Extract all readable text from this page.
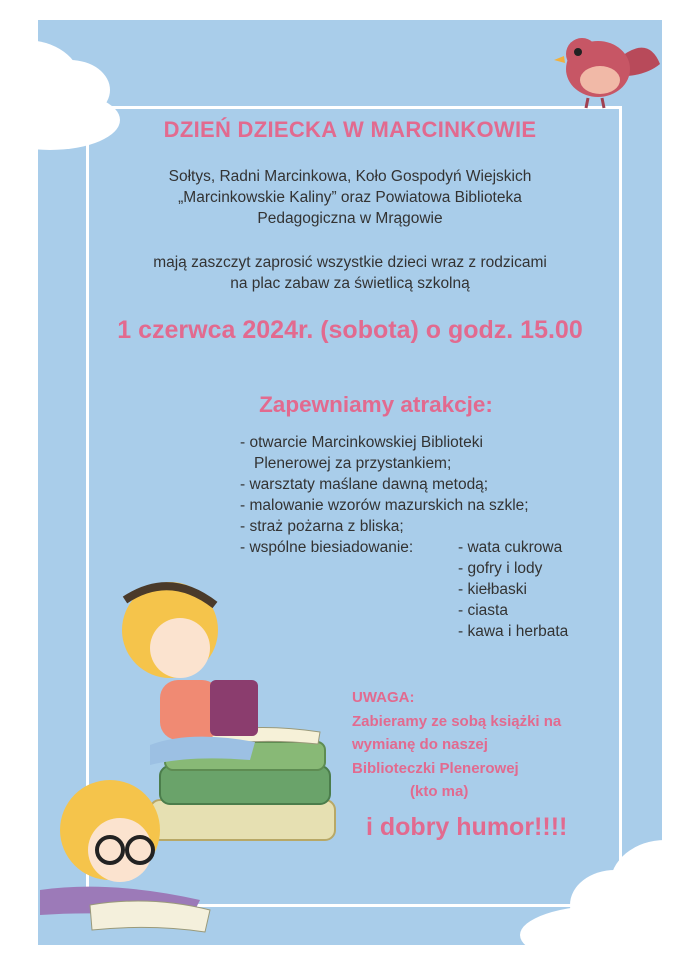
DZIEŃ DZIECKA W MARCINKOWIE
Sołtys, Radni Marcinkowa, Koło Gospodyń Wiejskich
„Marcinkowskie Kaliny” oraz Powiatowa Biblioteka
Pedagogiczna w Mrągowie
mają zaszczyt zaprosić wszystkie dzieci wraz z rodzicami
na plac zabaw za świetlicą szkolną
1 czerwca 2024r. (sobota) o godz. 15.00
Zapewniamy atrakcje:
- otwarcie Marcinkowskiej Biblioteki
Plenerowej za przystankiem;
- warsztaty maślane dawną metodą;
- malowanie wzorów mazurskich na szkle;
- straż pożarna z bliska;
- wspólne biesiadowanie:	- wata cukrowa
- gofry i lody
- kiełbaski
- ciasta
- kawa i herbata
UWAGA:
Zabieramy ze sobą książki na
wymianę do naszej
Biblioteczki Plenerowej
(kto ma)
i dobry humor!!!!
